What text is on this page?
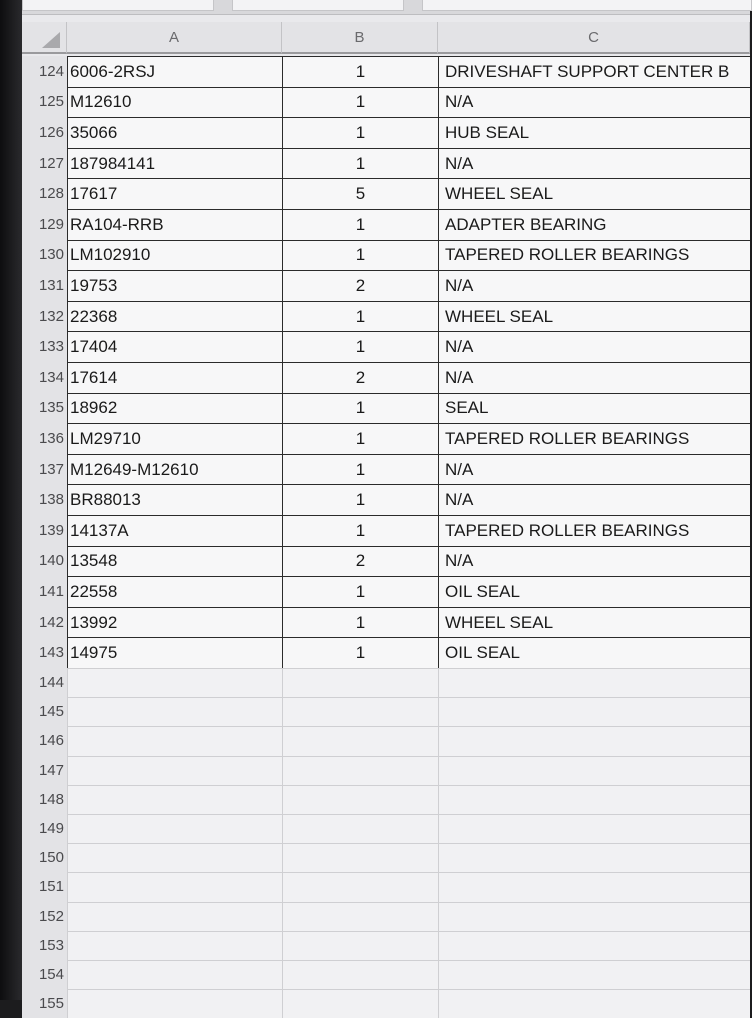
A	B	C
124 6006-2RSJ	1	DRIVESHAFT SUPPORT CENTER B
125 M12610	1	N/A
126 35066	1	HUB SEAL
127 187984141	1	N/A
128 17617	5	WHEEL SEAL
129 RA104-RRB	1	ADAPTER BEARING
130 LM102910	1	TAPERED ROLLER BEARINGS
131 19753	2	N/A
132 22368	1	WHEEL SEAL
133 17404	1	N/A
134 17614	2	N/A
135 18962	1	SEAL
136 LM29710	1	TAPERED ROLLER BEARINGS
137 M12649-M12610	1	N/A
138 BR88013	1	N/A
139 14137A	1	TAPERED ROLLER BEARINGS
140 13548	2	N/A
141 22558	1	OIL SEAL
142 13992	1	WHEEL SEAL
143 14975	1	OIL SEAL
144
145
146
147
148
149
150
151
152
153
154
155
